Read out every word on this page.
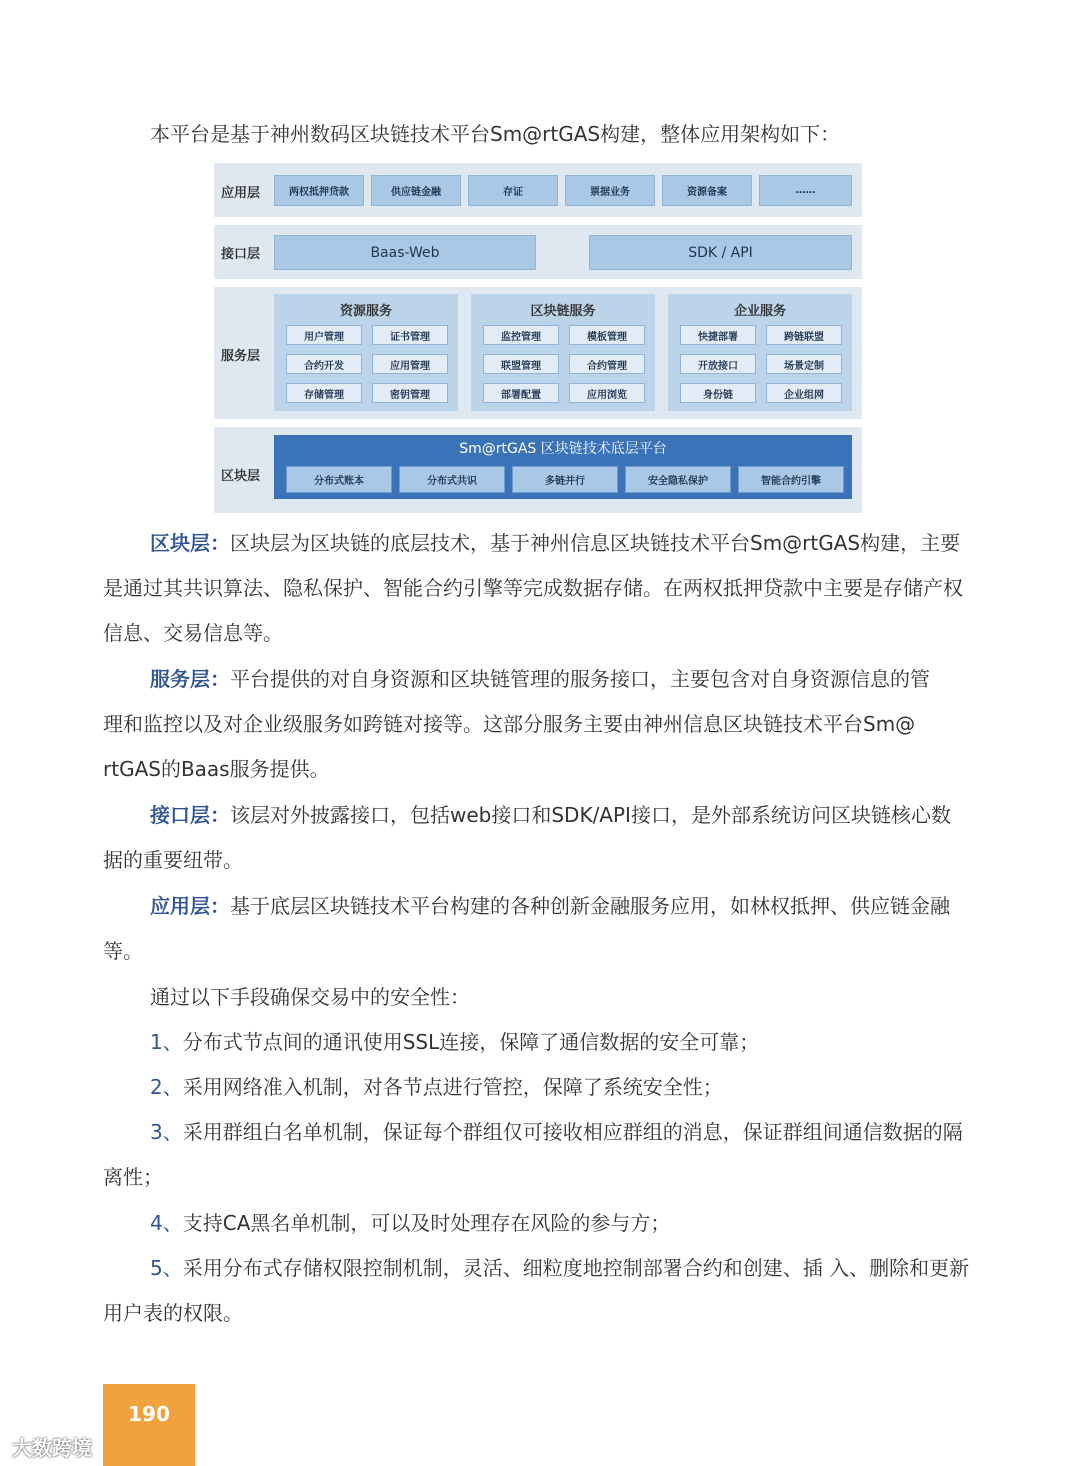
本平台是基于神州数码区块链技术平台Sm@rtGAS构建，整体应用架构如下：
应用层	两权抵押贷款	供应链金融	存证	票据业务	资源备案	……
接口层	Baas-Web	SDK / API
服务层
资源服务
用户管理	证书管理
合约开发	应用管理
存储管理	密钥管理
区块链服务
监控管理	模板管理
联盟管理	合约管理
部署配置	应用浏览
企业服务
快捷部署	跨链联盟
开放接口	场景定制
身份链	企业组网
区块层
Sm@rtGAS 区块链技术底层平台
分布式账本	分布式共识	多链并行	安全隐私保护	智能合约引擎

区块层：区块层为区块链的底层技术，基于神州信息区块链技术平台Sm@rtGAS构建，主要
是通过其共识算法、隐私保护、智能合约引擎等完成数据存储。在两权抵押贷款中主要是存储产权
信息、交易信息等。

服务层：平台提供的对自身资源和区块链管理的服务接口，主要包含对自身资源信息的管
理和监控以及对企业级服务如跨链对接等。这部分服务主要由神州信息区块链技术平台Sm@
rtGAS的Baas服务提供。

接口层：该层对外披露接口，包括web接口和SDK/API接口，是外部系统访问区块链核心数
据的重要纽带。

应用层：基于底层区块链技术平台构建的各种创新金融服务应用，如林权抵押、供应链金融
等。

通过以下手段确保交易中的安全性：

1、分布式节点间的通讯使用SSL连接，保障了通信数据的安全可靠；

2、采用网络准入机制，对各节点进行管控，保障了系统安全性；

3、采用群组白名单机制，保证每个群组仅可接收相应群组的消息，保证群组间通信数据的隔
离性；

4、支持CA黑名单机制，可以及时处理存在风险的参与方；

5、采用分布式存储权限控制机制，灵活、细粒度地控制部署合约和创建、插 入、删除和更新
用户表的权限。

190
大数跨境
